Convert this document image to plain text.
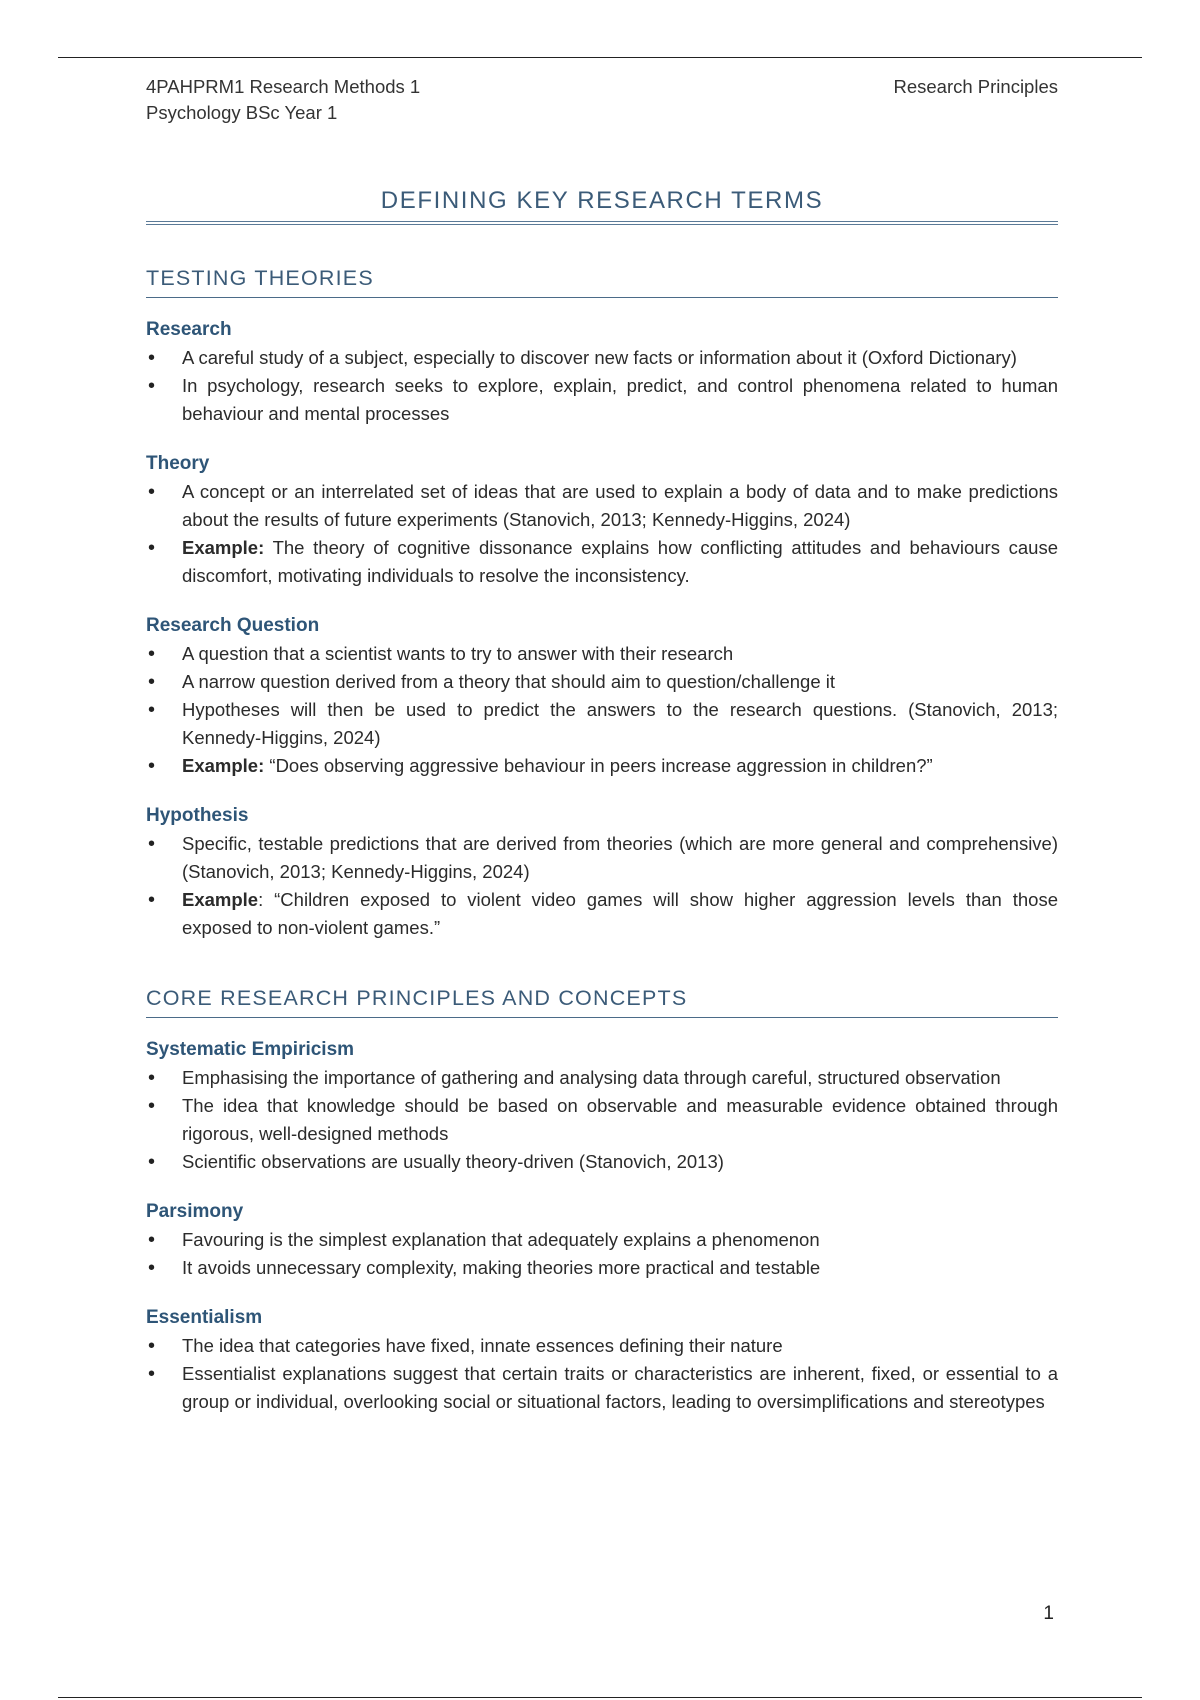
4PAHPRM1 Research Methods 1
Psychology BSc Year 1
Research Principles
DEFINING KEY RESEARCH TERMS
TESTING THEORIES
Research
• A careful study of a subject, especially to discover new facts or information about it (Oxford Dictionary)
• In psychology, research seeks to explore, explain, predict, and control phenomena related to human behaviour and mental processes
Theory
• A concept or an interrelated set of ideas that are used to explain a body of data and to make predictions about the results of future experiments (Stanovich, 2013; Kennedy-Higgins, 2024)
• Example: The theory of cognitive dissonance explains how conflicting attitudes and behaviours cause discomfort, motivating individuals to resolve the inconsistency.
Research Question
• A question that a scientist wants to try to answer with their research
• A narrow question derived from a theory that should aim to question/challenge it
• Hypotheses will then be used to predict the answers to the research questions. (Stanovich, 2013; Kennedy-Higgins, 2024)
• Example: “Does observing aggressive behaviour in peers increase aggression in children?”
Hypothesis
• Specific, testable predictions that are derived from theories (which are more general and comprehensive) (Stanovich, 2013; Kennedy-Higgins, 2024)
• Example: “Children exposed to violent video games will show higher aggression levels than those exposed to non-violent games.”
CORE RESEARCH PRINCIPLES AND CONCEPTS
Systematic Empiricism
• Emphasising the importance of gathering and analysing data through careful, structured observation
• The idea that knowledge should be based on observable and measurable evidence obtained through rigorous, well-designed methods
• Scientific observations are usually theory-driven (Stanovich, 2013)
Parsimony
• Favouring is the simplest explanation that adequately explains a phenomenon
• It avoids unnecessary complexity, making theories more practical and testable
Essentialism
• The idea that categories have fixed, innate essences defining their nature
• Essentialist explanations suggest that certain traits or characteristics are inherent, fixed, or essential to a group or individual, overlooking social or situational factors, leading to oversimplifications and stereotypes
1
